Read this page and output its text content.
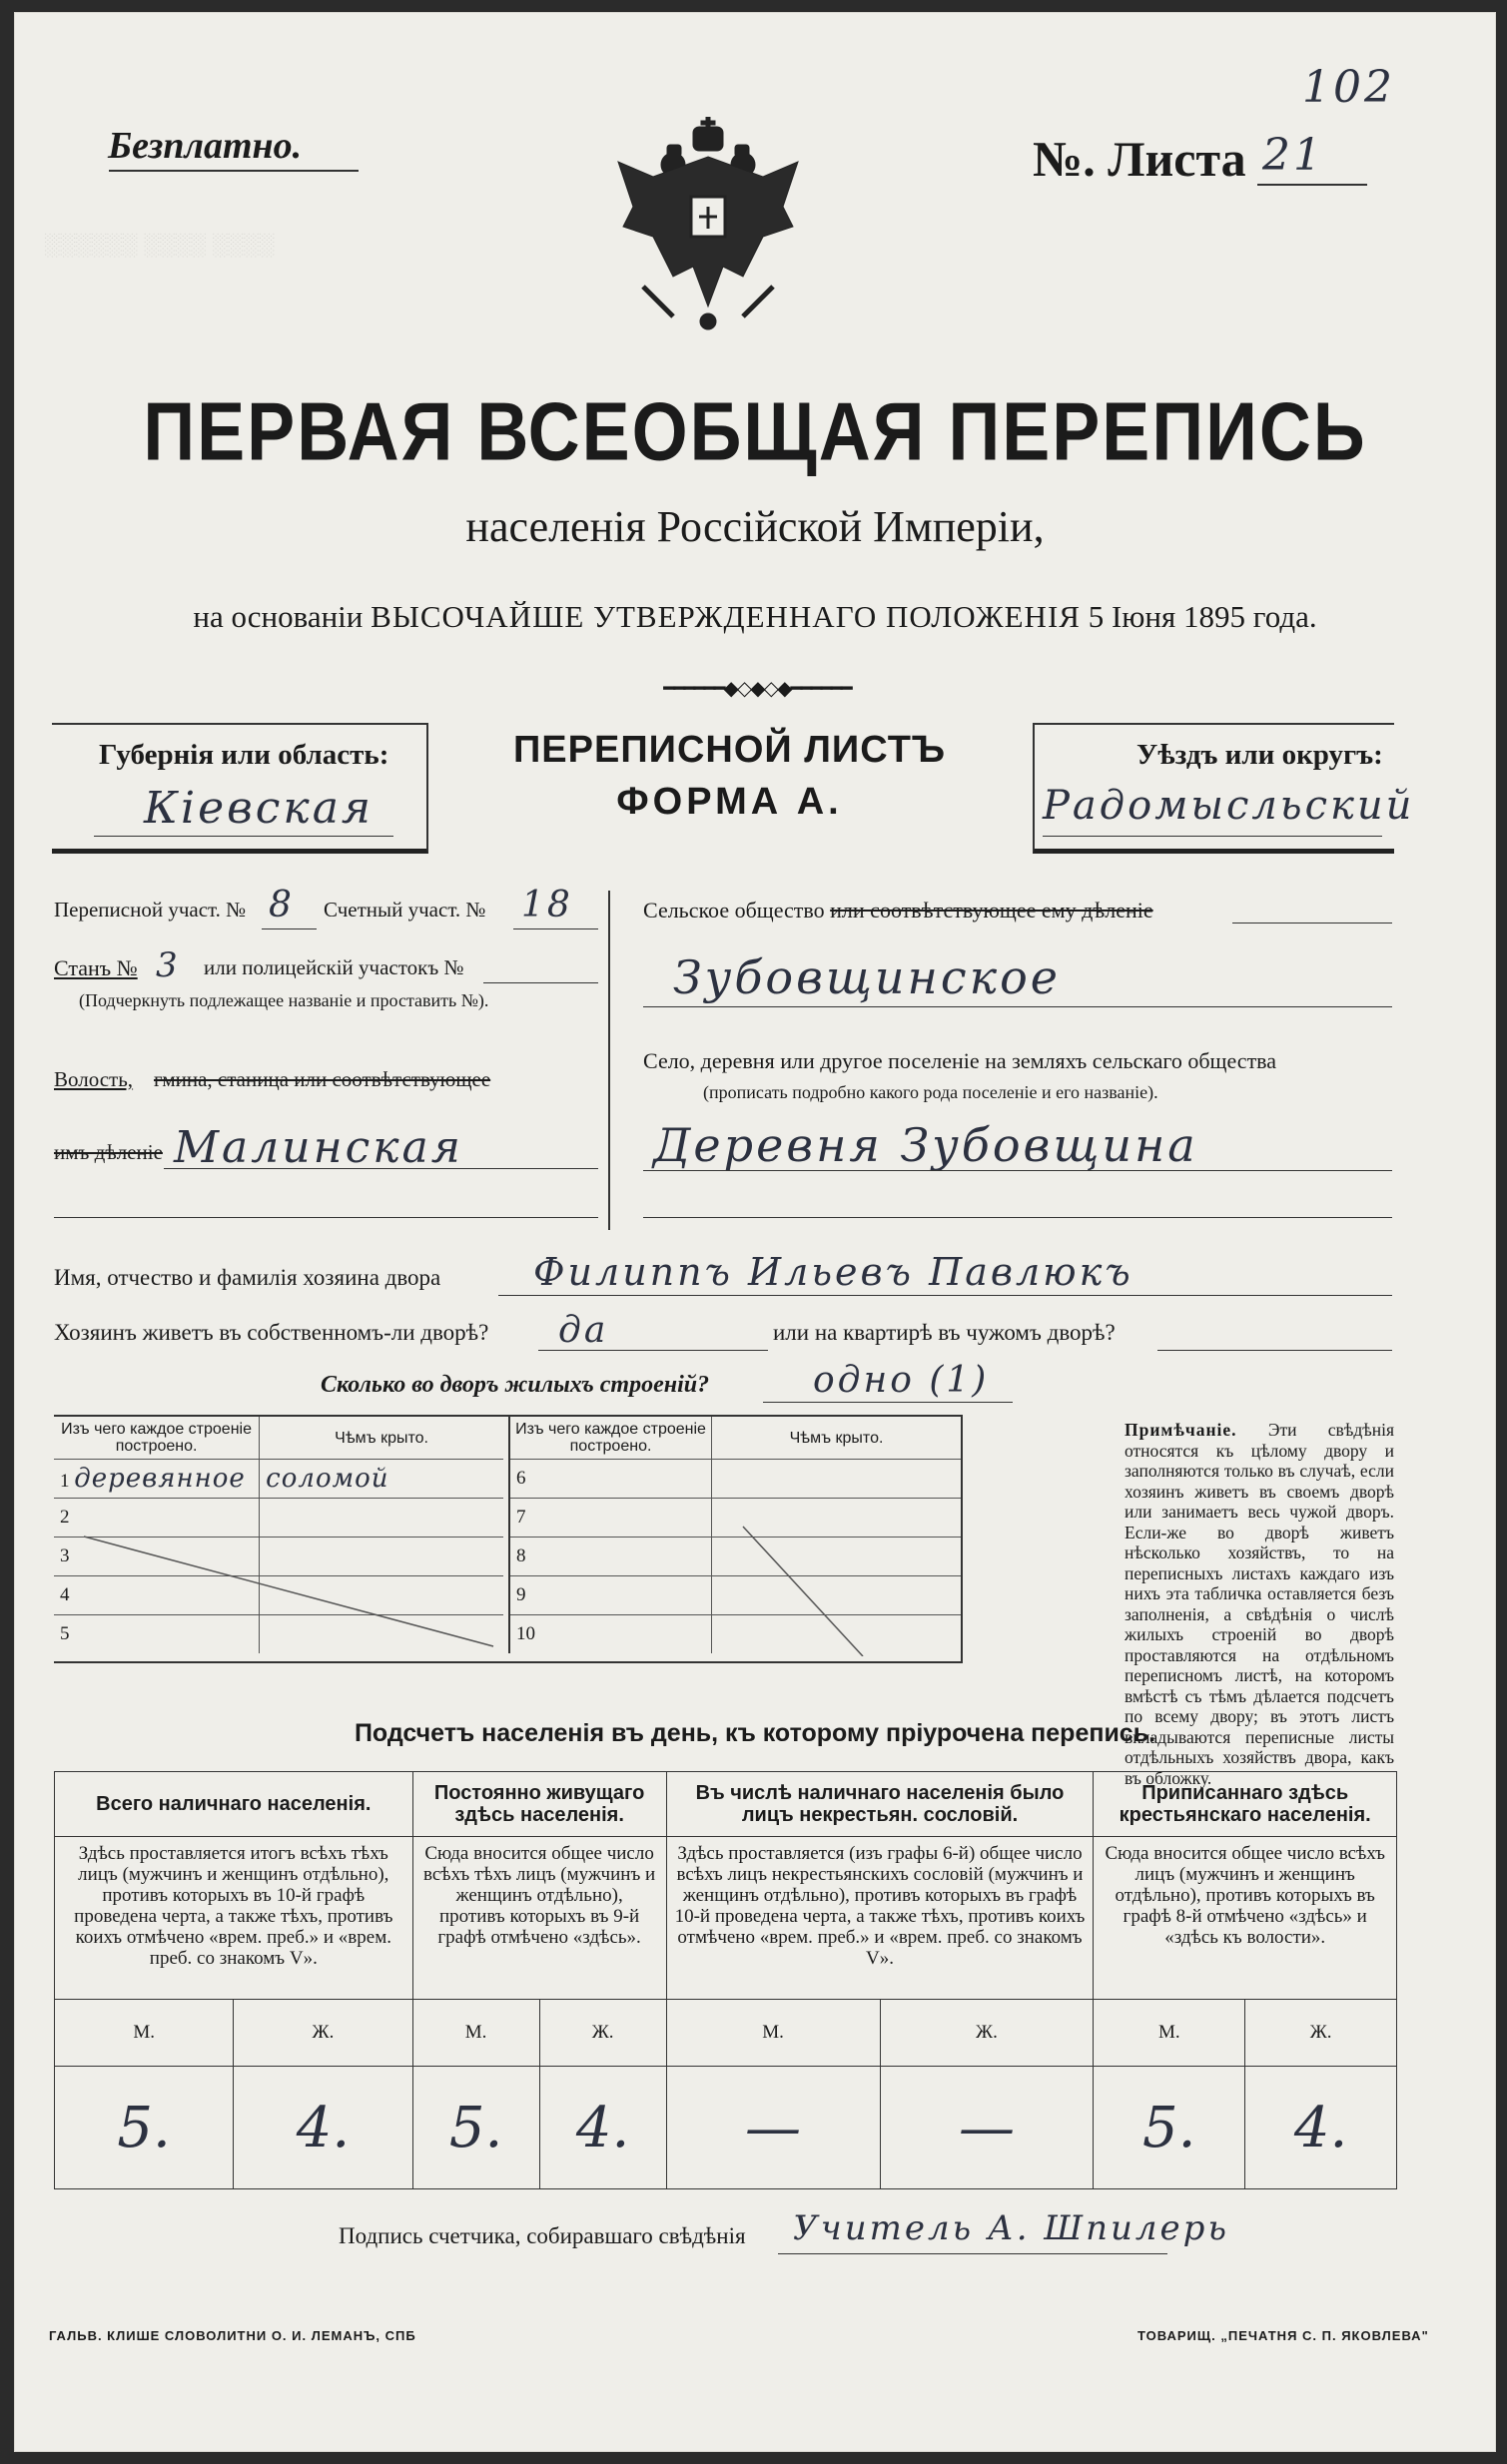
░░░░░░ ░░░░ ░░░░
102
Безплатно.	№. Листа 21
ПЕРВАЯ ВСЕОБЩАЯ ПЕРЕПИСЬ
населенія Россійской Имперіи,
на основаніи ВЫСОЧАЙШЕ УТВЕРЖДЕННАГО ПОЛОЖЕНІЯ 5 Іюня 1895 года.
━━━━━━◆◇◆◇◆━━━━━━
Губернія или область:
Кіевская
Уѣздъ или округъ:
Радомысльский
ПЕРЕПИСНОЙ ЛИСТЪ
ФОРМА А.
Переписной участ. № 8 Счетный участ. № 18
Станъ № 3 или полицейскій участокъ №
(Подчеркнуть подлежащее названіе и проставить №).
Волость, гмина, станица или соотвѣтствующее
имъ дѣленіе Малинская
Сельское общество или соотвѣтствующее ему дѣленіе
Зубовщинское
Село, деревня или другое поселеніе на земляхъ сельскаго общества
(прописать подробно какого рода поселеніе и его названіе).
Деревня Зубовщина
Имя, отчество и фамилія хозяина двора Филиппъ Ильевъ Павлюкъ
Хозяинъ живетъ въ собственномъ-ли дворѣ? да	или на квартирѣ въ чужомъ дворѣ?
Сколько во дворъ жилыхъ строеній?	одно (1)
Изъ чего каждое строеніе построено.	Чѣмъ крыто.
1 деревянное	соломой
2	
3	
4	
5	
Изъ чего каждое строеніе построено.	Чѣмъ крыто.
6	
7	
8	
9	
10	
Примѣчаніе. Эти свѣдѣнія относятся къ цѣлому двору и заполняются только въ случаѣ, если хозяинъ живетъ въ своемъ дворѣ или занимаетъ весь чужой дворъ. Если-же во дворѣ живетъ нѣсколько хозяйствъ, то на переписныхъ листахъ каждаго изъ нихъ эта табличка оставляется безъ заполненія, а свѣдѣнія о числѣ жилыхъ строеній во дворѣ проставляются на отдѣльномъ переписномъ листѣ, на которомъ вмѣстѣ съ тѣмъ дѣлается подсчетъ по всему двору; въ этотъ листъ вкладываются переписные листы отдѣльныхъ хозяйствъ двора, какъ въ обложку.
Подсчетъ населенія въ день, къ которому пріурочена перепись.
Всего наличнаго населенія.		Постоянно живущаго здѣсь населенія.		Въ числѣ наличнаго населенія было лицъ некрестьян. сословій.		Приписаннаго здѣсь крестьянскаго населенія.	
Здѣсь проставляется итогъ всѣхъ тѣхъ лицъ (мужчинъ и женщинъ отдѣльно), противъ которыхъ въ 10-й графѣ проведена черта, а также тѣхъ, противъ коихъ отмѣчено «врем. преб.» и «врем. преб. со знакомъ V».		Сюда вносится общее число всѣхъ тѣхъ лицъ (мужчинъ и женщинъ отдѣльно), противъ которыхъ въ 9-й графѣ отмѣчено «здѣсь».		Здѣсь проставляется (изъ графы 6-й) общее число всѣхъ лицъ некрестьянскихъ сословій (мужчинъ и женщинъ отдѣльно), противъ которыхъ въ графѣ 10-й проведена черта, а также тѣхъ, противъ коихъ отмѣчено «врем. преб.» и «врем. преб. со знакомъ V».		Сюда вносится общее число всѣхъ лицъ (мужчинъ и женщинъ отдѣльно), противъ которыхъ въ графѣ 8-й отмѣчено «здѣсь» и «здѣсь къ волости».	
М.	Ж.	М.	Ж.	М.	Ж.	М.	Ж.
5.	4.	5.	4.	—	—	5.	4.
Подпись счетчика, собиравшаго свѣдѣнія Учитель А. Шпилерь
ГАЛЬВ. КЛИШЕ СЛОВОЛИТНИ О. И. ЛЕМАНЪ, СПБ	ТОВАРИЩ. „ПЕЧАТНЯ С. П. ЯКОВЛЕВА"
